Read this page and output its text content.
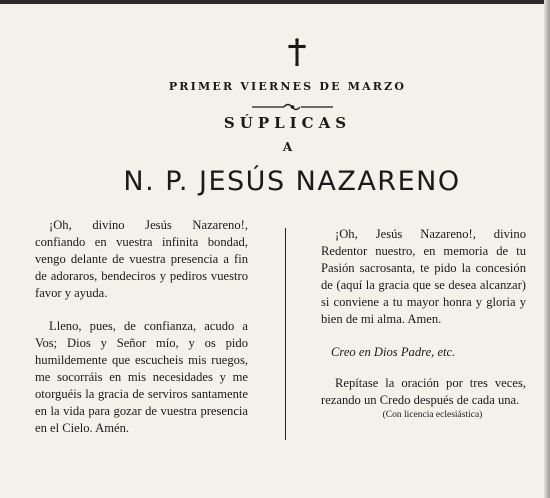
PRIMER VIERNES DE MARZO
SÚPLICAS
A
N. P. JESÚS NAZARENO

¡Oh, divino Jesús Nazareno!, confiando en vuestra infinita bondad, vengo delante de vuestra presencia a fin de adoraros, bendeciros y pediros vuestro favor y ayuda.

Lleno, pues, de confianza, acudo a Vos; Dios y Señor mío, y os pido humildemente que escucheis mis ruegos, me socorráis en mis necesidades y me otorguéis la gracia de serviros santamente en la vida para gozar de vuestra presencia en el Cielo. Amén.

¡Oh, Jesús Nazareno!, divino Redentor nuestro, en memoria de tu Pasión sacrosanta, te pido la concesión de (aquí la gracia que se desea alcanzar) si conviene a tu mayor honra y gloria y bien de mi alma. Amen.

Creo en Dios Padre, etc.

Repítase la oración por tres veces, rezando un Credo después de cada una.

(Con licencia eclesiástica)
